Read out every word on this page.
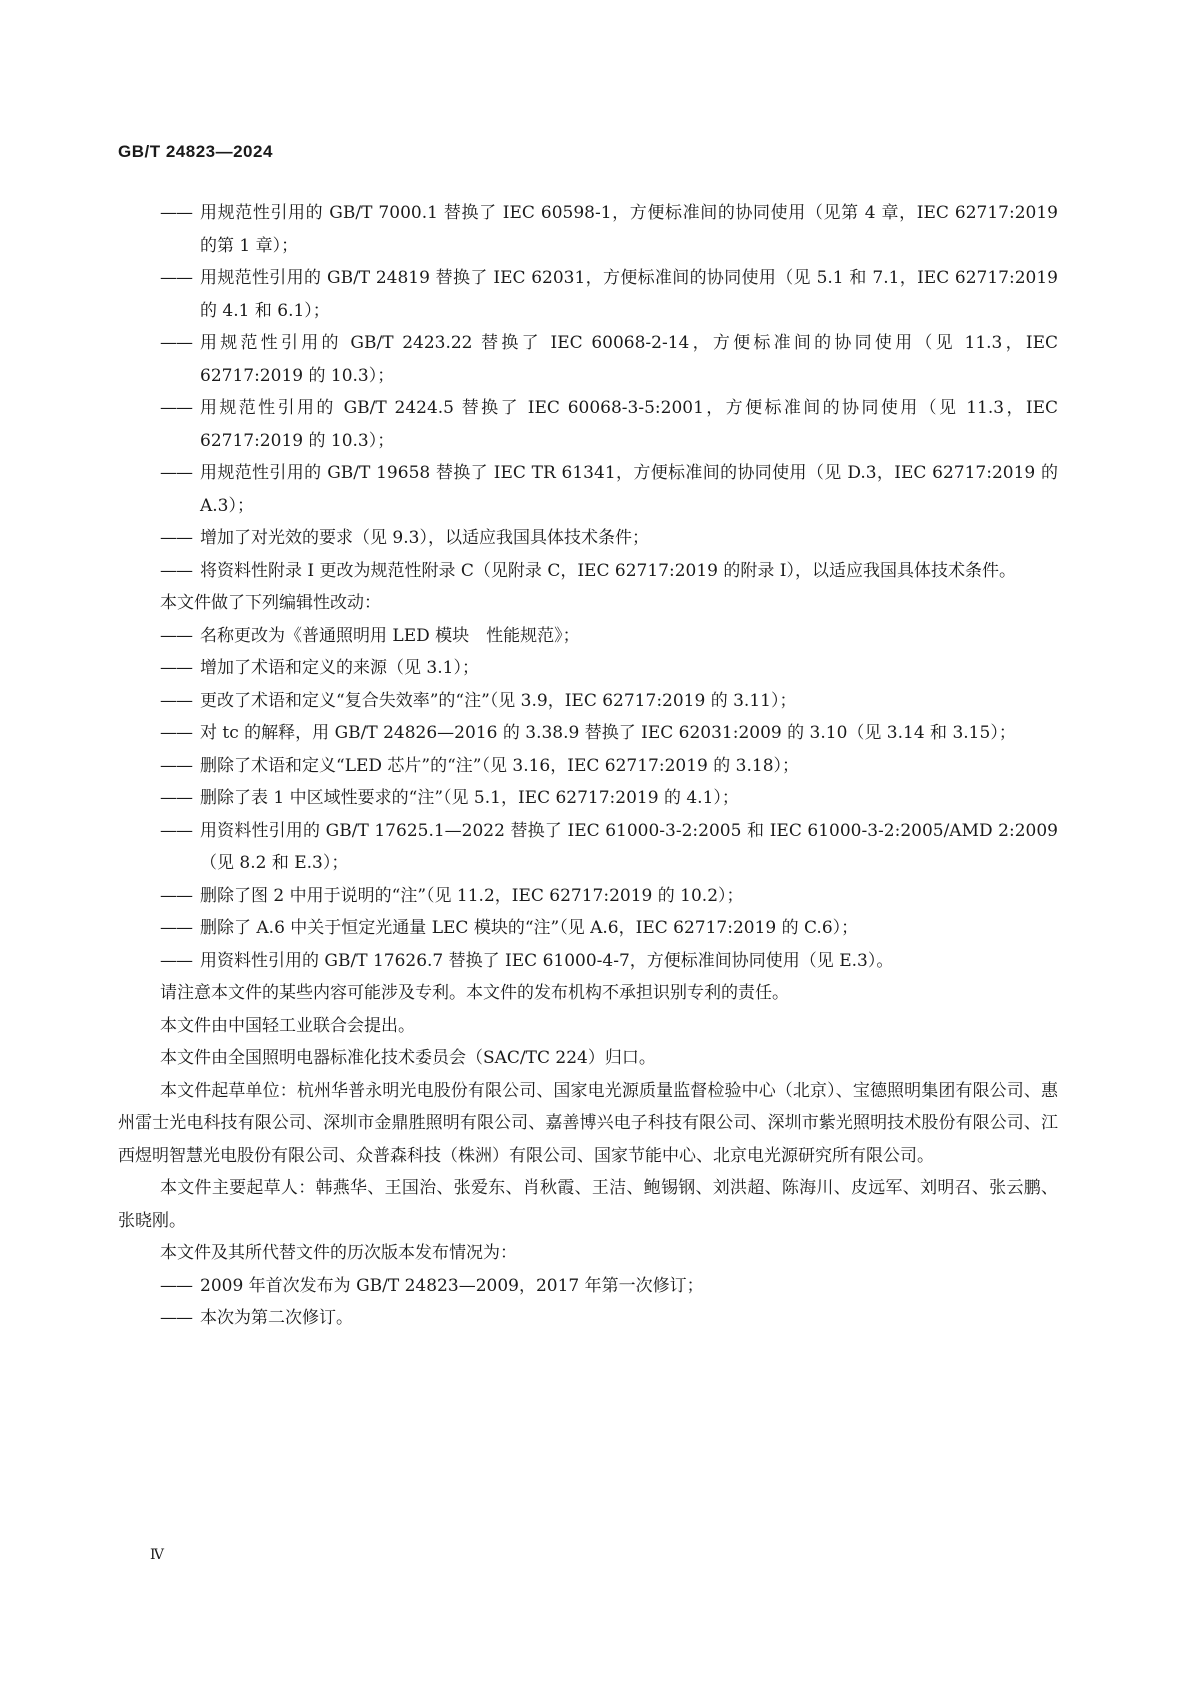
GB/T 24823—2024
—— 用规范性引用的 GB/T 7000.1 替换了 IEC 60598-1，方便标准间的协同使用（见第 4 章，IEC 62717:2019 的第 1 章）；
—— 用规范性引用的 GB/T 24819 替换了 IEC 62031，方便标准间的协同使用（见 5.1 和 7.1，IEC 62717:2019 的 4.1 和 6.1）；
—— 用规范性引用的 GB/T 2423.22 替换了 IEC 60068-2-14，方便标准间的协同使用（见 11.3，IEC 62717:2019 的 10.3）；
—— 用规范性引用的 GB/T 2424.5 替换了 IEC 60068-3-5:2001，方便标准间的协同使用（见 11.3，IEC 62717:2019 的 10.3）；
—— 用规范性引用的 GB/T 19658 替换了 IEC TR 61341，方便标准间的协同使用（见 D.3，IEC 62717:2019 的 A.3）；
—— 增加了对光效的要求（见 9.3），以适应我国具体技术条件；
—— 将资料性附录 I 更改为规范性附录 C（见附录 C，IEC 62717:2019 的附录 I），以适应我国具体技术条件。
本文件做了下列编辑性改动：
—— 名称更改为《普通照明用 LED 模块　性能规范》；
—— 增加了术语和定义的来源（见 3.1）；
—— 更改了术语和定义“复合失效率”的“注”（见 3.9，IEC 62717:2019 的 3.11）；
—— 对 tc 的解释，用 GB/T 24826—2016 的 3.38.9 替换了 IEC 62031:2009 的 3.10（见 3.14 和 3.15）；
—— 删除了术语和定义“LED 芯片”的“注”（见 3.16，IEC 62717:2019 的 3.18）；
—— 删除了表 1 中区域性要求的“注”（见 5.1，IEC 62717:2019 的 4.1）；
—— 用资料性引用的 GB/T 17625.1—2022 替换了 IEC 61000-3-2:2005 和 IEC 61000-3-2:2005/AMD 2:2009（见 8.2 和 E.3）；
—— 删除了图 2 中用于说明的“注”（见 11.2，IEC 62717:2019 的 10.2）；
—— 删除了 A.6 中关于恒定光通量 LEC 模块的“注”（见 A.6，IEC 62717:2019 的 C.6）；
—— 用资料性引用的 GB/T 17626.7 替换了 IEC 61000-4-7，方便标准间协同使用（见 E.3）。
请注意本文件的某些内容可能涉及专利。本文件的发布机构不承担识别专利的责任。
本文件由中国轻工业联合会提出。
本文件由全国照明电器标准化技术委员会（SAC/TC 224）归口。
本文件起草单位：杭州华普永明光电股份有限公司、国家电光源质量监督检验中心（北京）、宝德照明集团有限公司、惠州雷士光电科技有限公司、深圳市金鼎胜照明有限公司、嘉善博兴电子科技有限公司、深圳市紫光照明技术股份有限公司、江西煜明智慧光电股份有限公司、众普森科技（株洲）有限公司、国家节能中心、北京电光源研究所有限公司。
本文件主要起草人：韩燕华、王国治、张爱东、肖秋霞、王洁、鲍锡钢、刘洪超、陈海川、皮远军、刘明召、张云鹏、张晓刚。
本文件及其所代替文件的历次版本发布情况为：
—— 2009 年首次发布为 GB/T 24823—2009，2017 年第一次修订；
—— 本次为第二次修订。
Ⅳ
